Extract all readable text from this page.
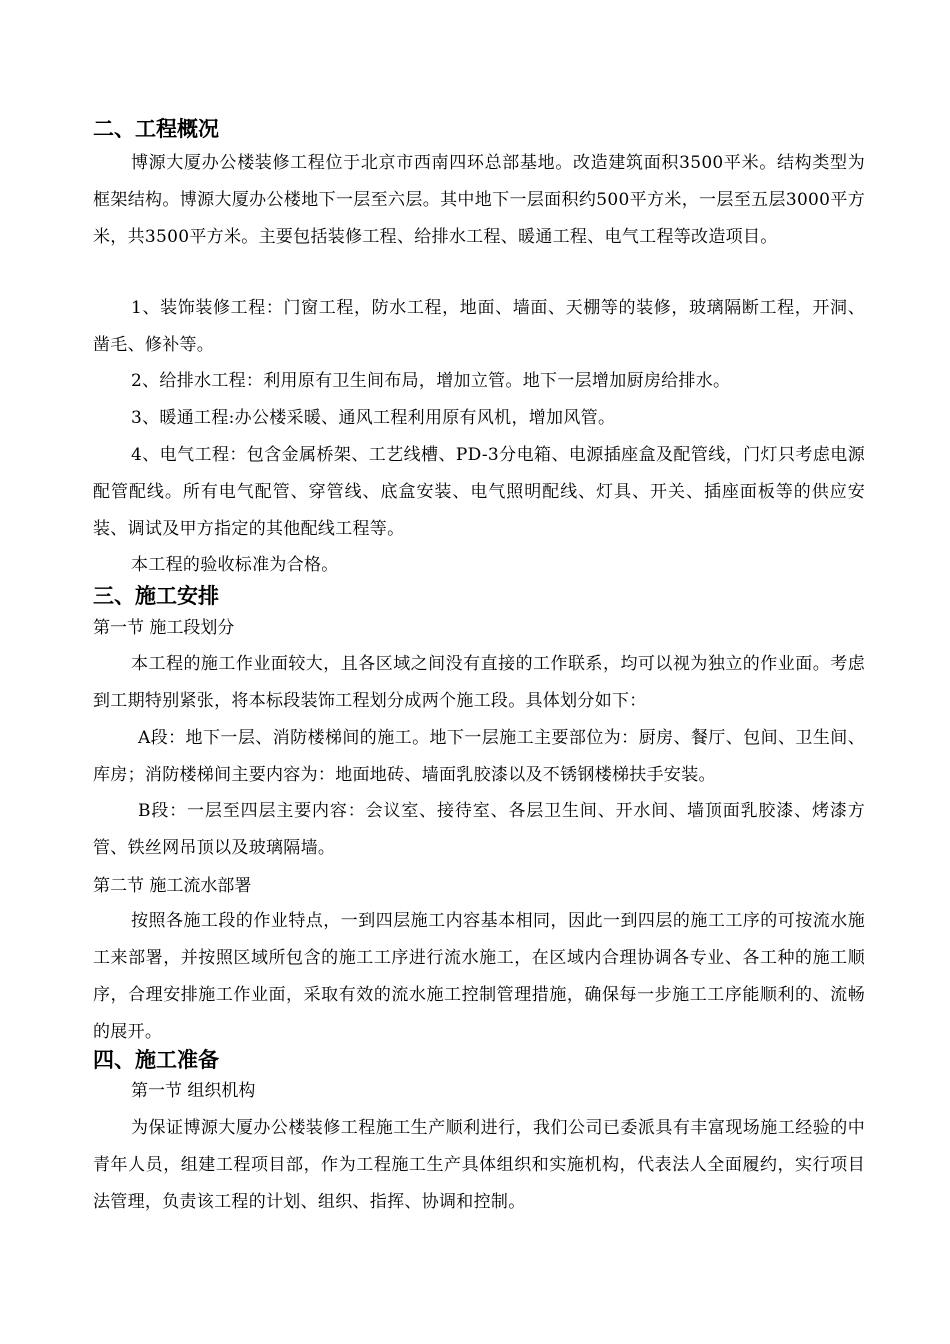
二、工程概况
博源大厦办公楼装修工程位于北京市西南四环总部基地。改造建筑面积3500平米。结构类型为框架结构。博源大厦办公楼地下一层至六层。其中地下一层面积约500平方米，一层至五层3000平方米，共3500平方米。主要包括装修工程、给排水工程、暖通工程、电气工程等改造项目。
1、装饰装修工程：门窗工程，防水工程，地面、墙面、天棚等的装修，玻璃隔断工程，开洞、凿毛、修补等。
2、给排水工程：利用原有卫生间布局，增加立管。地下一层增加厨房给排水。
3、暖通工程:办公楼采暖、通风工程利用原有风机，增加风管。
4、电气工程：包含金属桥架、工艺线槽、PD-3分电箱、电源插座盒及配管线，门灯只考虑电源配管配线。所有电气配管、穿管线、底盒安装、电气照明配线、灯具、开关、插座面板等的供应安装、调试及甲方指定的其他配线工程等。
本工程的验收标准为合格。
三、施工安排
第一节 施工段划分
本工程的施工作业面较大，且各区域之间没有直接的工作联系，均可以视为独立的作业面。考虑到工期特别紧张，将本标段装饰工程划分成两个施工段。具体划分如下：
A段：地下一层、消防楼梯间的施工。地下一层施工主要部位为：厨房、餐厅、包间、卫生间、库房；消防楼梯间主要内容为：地面地砖、墙面乳胶漆以及不锈钢楼梯扶手安装。
B段：一层至四层主要内容：会议室、接待室、各层卫生间、开水间、墙顶面乳胶漆、烤漆方管、铁丝网吊顶以及玻璃隔墙。
第二节 施工流水部署
按照各施工段的作业特点，一到四层施工内容基本相同，因此一到四层的施工工序的可按流水施工来部署，并按照区域所包含的施工工序进行流水施工，在区域内合理协调各专业、各工种的施工顺序，合理安排施工作业面，采取有效的流水施工控制管理措施，确保每一步施工工序能顺利的、流畅的展开。
四、施工准备
第一节 组织机构
为保证博源大厦办公楼装修工程施工生产顺利进行，我们公司已委派具有丰富现场施工经验的中青年人员，组建工程项目部，作为工程施工生产具体组织和实施机构，代表法人全面履约，实行项目法管理，负责该工程的计划、组织、指挥、协调和控制。
